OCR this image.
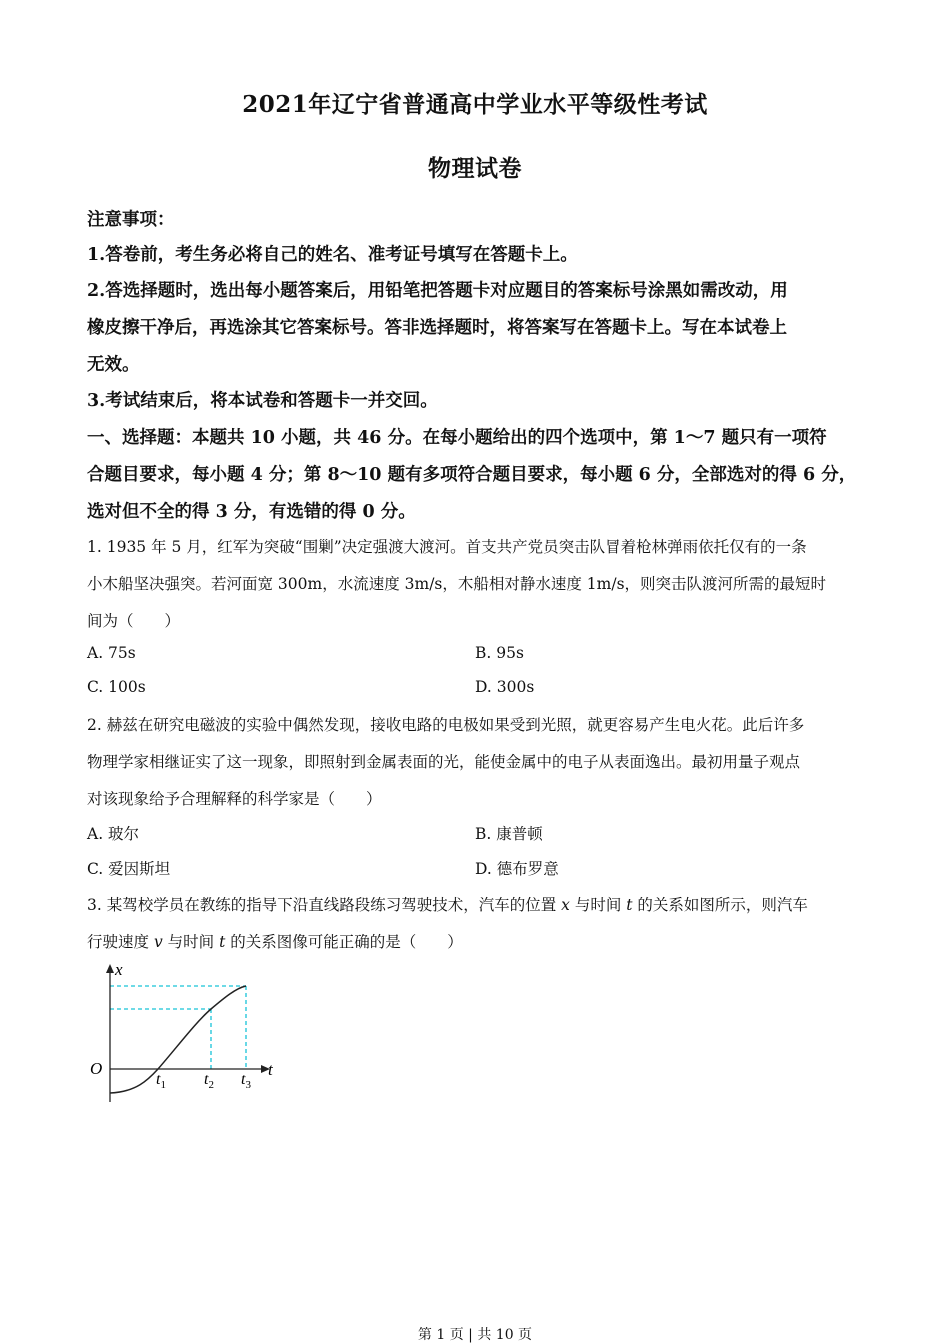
2021年辽宁省普通高中学业水平等级性考试
物理试卷
注意事项：
1.答卷前，考生务必将自己的姓名、准考证号填写在答题卡上。
2.答选择题时，选出每小题答案后，用铅笔把答题卡对应题目的答案标号涂黑如需改动，用
橡皮擦干净后，再选涂其它答案标号。答非选择题时，将答案写在答题卡上。写在本试卷上
无效。
3.考试结束后，将本试卷和答题卡一并交回。
一、选择题：本题共 10 小题，共 46 分。在每小题给出的四个选项中，第 1～7 题只有一项符
合题目要求，每小题 4 分；第 8～10 题有多项符合题目要求，每小题 6 分，全部选对的得 6 分，
选对但不全的得 3 分，有选错的得 0 分。
1. 1935 年 5 月，红军为突破“围剿”决定强渡大渡河。首支共产党员突击队冒着枪林弹雨依托仅有的一条
小木船坚决强突。若河面宽 300m，水流速度 3m/s，木船相对静水速度 1m/s，则突击队渡河所需的最短时
间为（　　）
A. 75s	B. 95s
C. 100s	D. 300s
2. 赫兹在研究电磁波的实验中偶然发现，接收电路的电极如果受到光照，就更容易产生电火花。此后许多
物理学家相继证实了这一现象，即照射到金属表面的光，能使金属中的电子从表面逸出。最初用量子观点
对该现象给予合理解释的科学家是（　　）
A. 玻尔	B. 康普顿
C. 爱因斯坦	D. 德布罗意
3. 某驾校学员在教练的指导下沿直线路段练习驾驶技术，汽车的位置 x 与时间 t 的关系如图所示，则汽车
行驶速度 v 与时间 t 的关系图像可能正确的是（　　）
x
t
O
$t_1$ $t_2$ $t_3$
第 1 页 | 共 10 页
